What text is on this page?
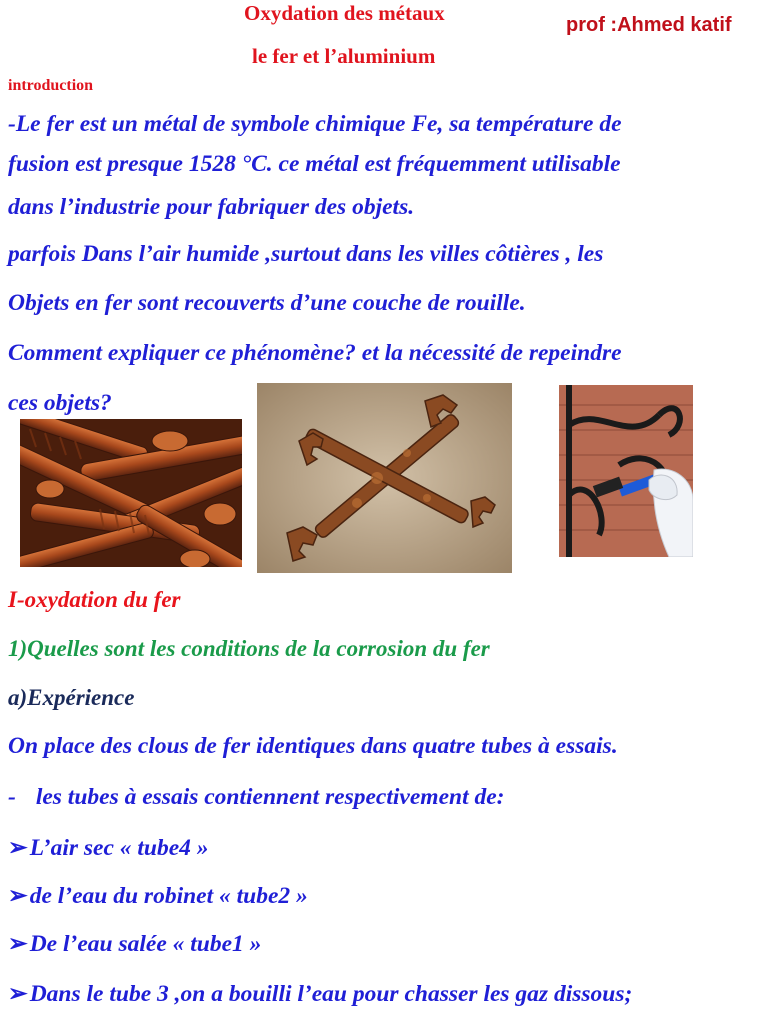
Oxydation des métaux
le fer et l’aluminium
prof :Ahmed katif
introduction
-Le fer est un métal de symbole chimique Fe, sa température de
fusion est presque 1528 °C. ce métal est fréquemment utilisable
dans l’industrie pour fabriquer des objets.
parfois Dans l’air humide ,surtout dans les villes côtières , les
Objets en fer sont recouverts d’une couche de rouille.
Comment expliquer ce phénomène? et la nécessité de repeindre
ces objets?
I-oxydation du fer
1)Quelles sont les conditions de la corrosion du fer
a)Expérience
On place des clous de fer identiques dans quatre tubes à essais.
- les tubes à essais contiennent respectivement de:
➢L’air sec « tube4 »
➢de l’eau du robinet « tube2 »
➢De l’eau salée « tube1 »
➢Dans le tube 3 ,on a bouilli l’eau pour chasser les gaz dissous;
